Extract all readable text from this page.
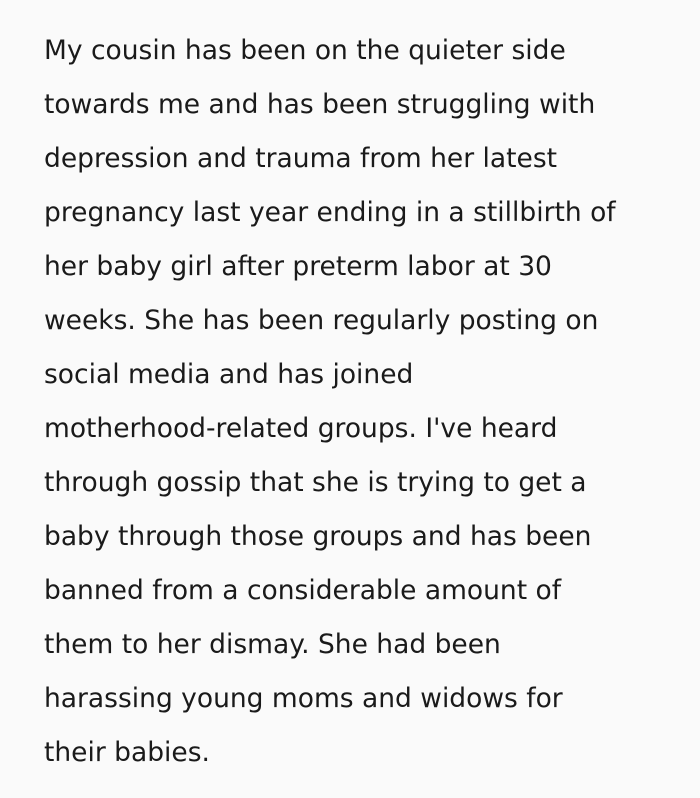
My cousin has been on the quieter side
towards me and has been struggling with
depression and trauma from her latest
pregnancy last year ending in a stillbirth of
her baby girl after preterm labor at 30
weeks. She has been regularly posting on
social media and has joined
motherhood-related groups. I've heard
through gossip that she is trying to get a
baby through those groups and has been
banned from a considerable amount of
them to her dismay. She had been
harassing young moms and widows for
their babies.
